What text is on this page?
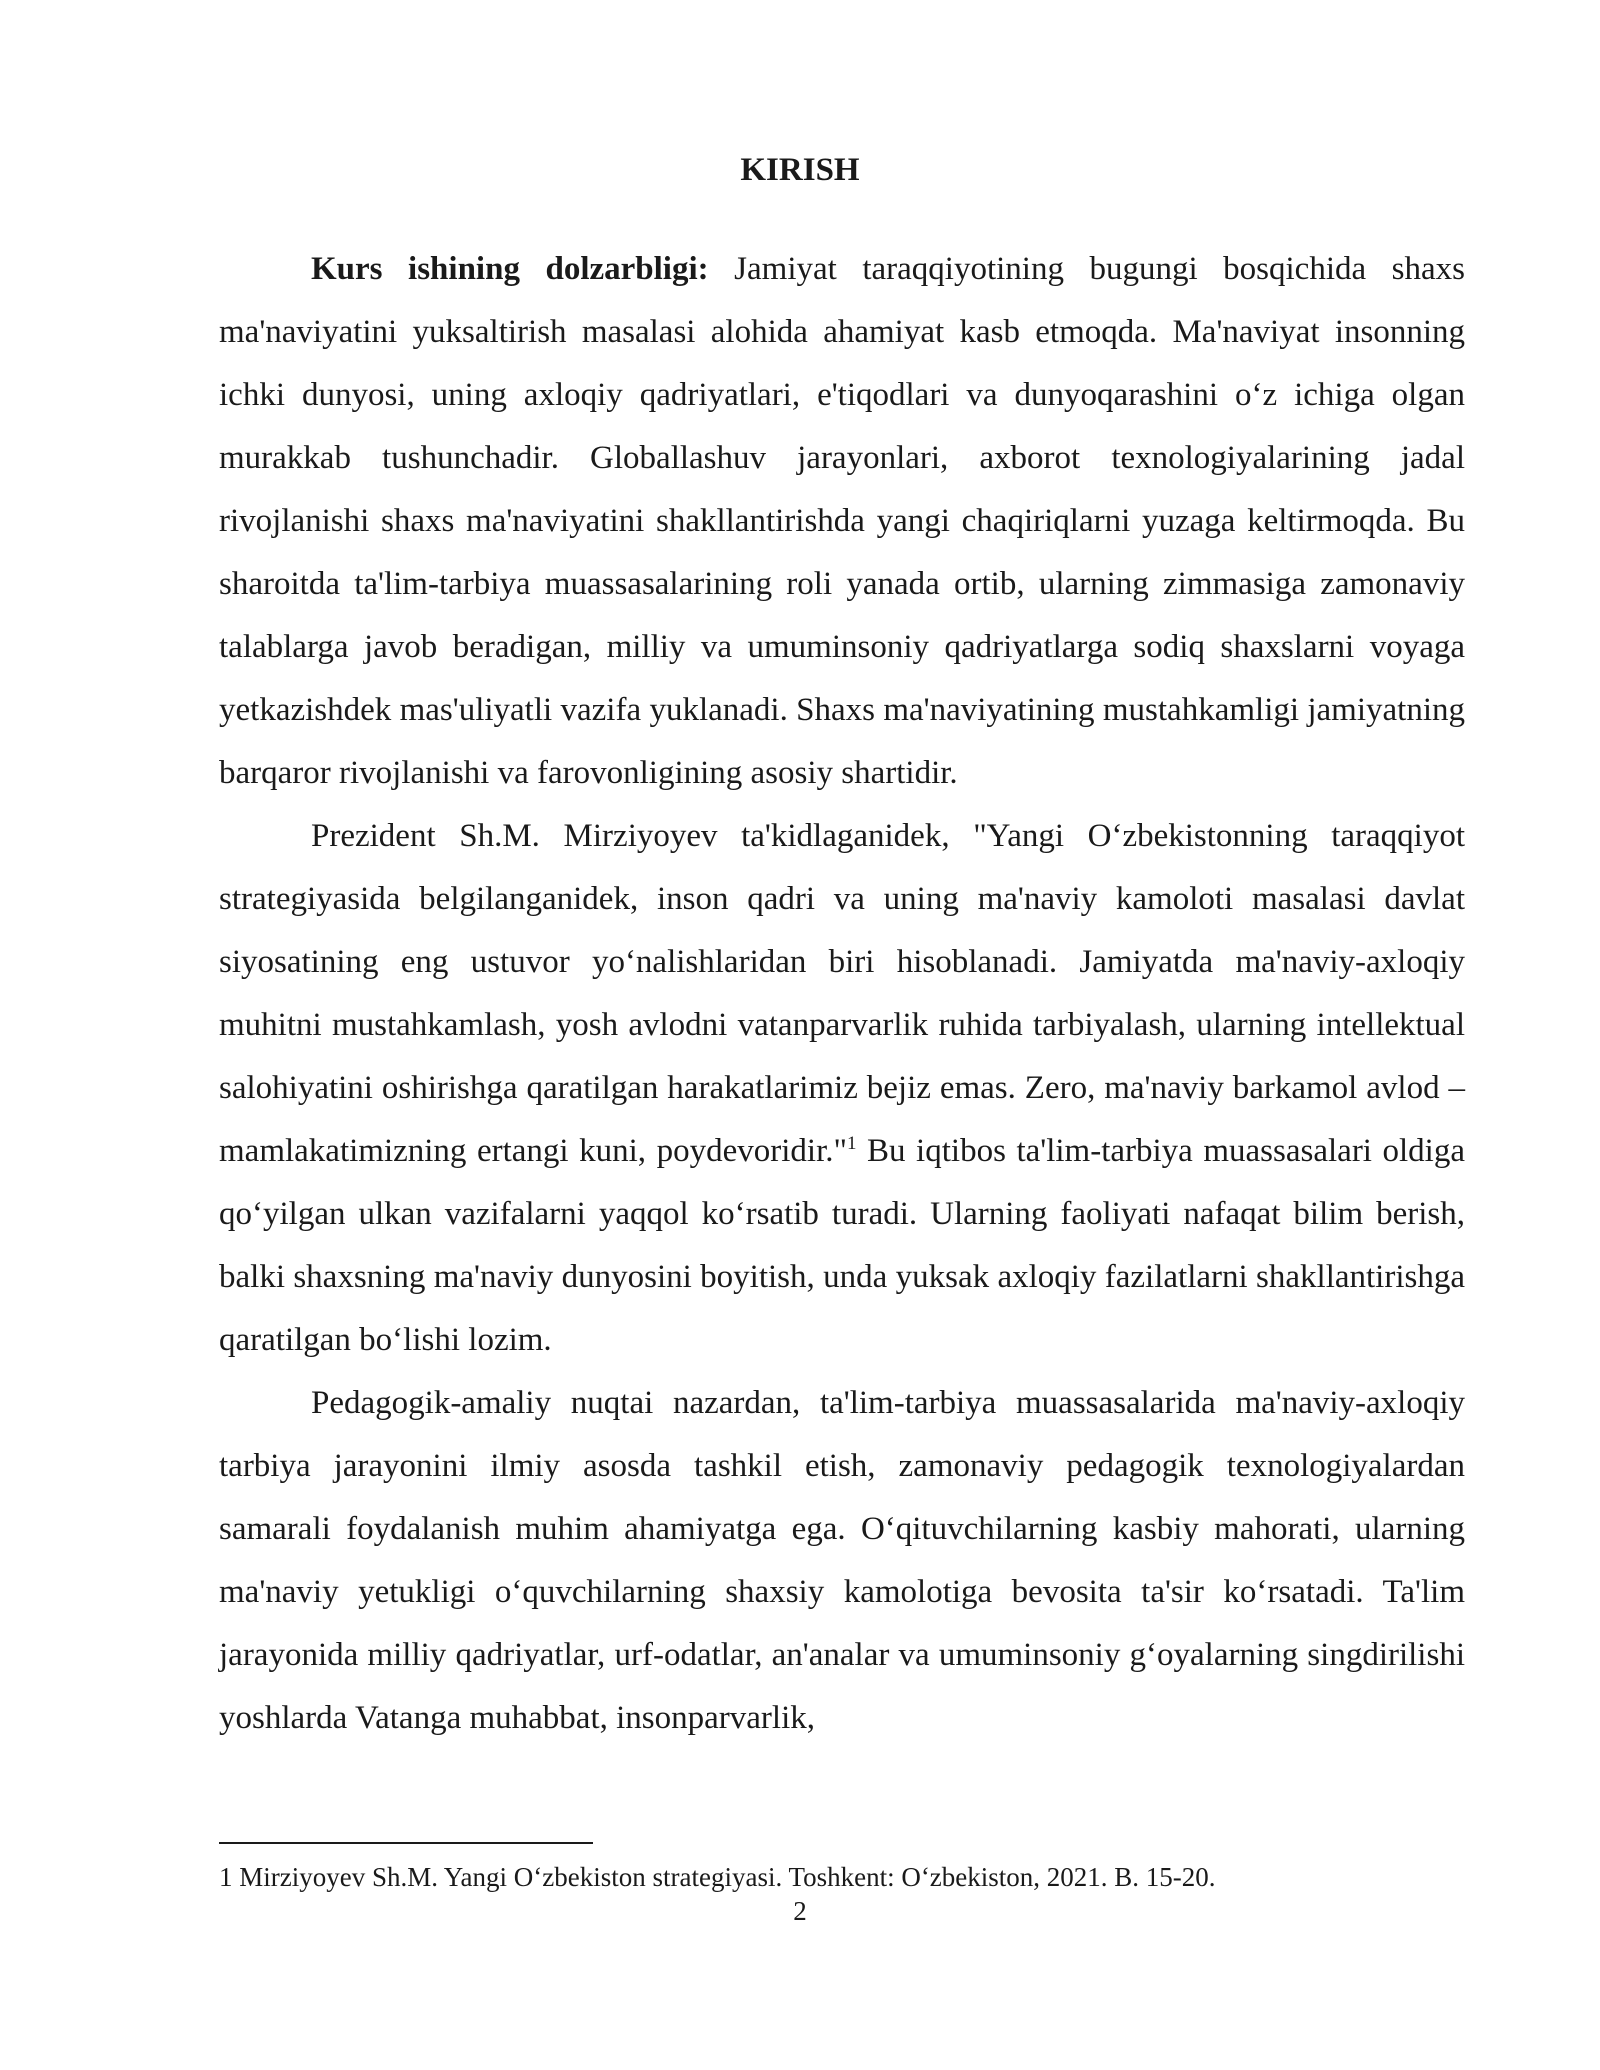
KIRISH

Kurs ishining dolzarbligi: Jamiyat taraqqiyotining bugungi bosqichida shaxs ma'naviyatini yuksaltirish masalasi alohida ahamiyat kasb etmoqda. Ma'naviyat insonning ichki dunyosi, uning axloqiy qadriyatlari, e'tiqodlari va dunyoqarashini oʻz ichiga olgan murakkab tushunchadir. Globallashuv jarayonlari, axborot texnologiyalarining jadal rivojlanishi shaxs ma'naviyatini shakllantirishda yangi chaqiriqlarni yuzaga keltirmoqda. Bu sharoitda ta'lim-tarbiya muassasalarining roli yanada ortib, ularning zimmasiga zamonaviy talablarga javob beradigan, milliy va umuminsoniy qadriyatlarga sodiq shaxslarni voyaga yetkazishdek mas'uliyatli vazifa yuklanadi. Shaxs ma'naviyatining mustahkamligi jamiyatning barqaror rivojlanishi va farovonligining asosiy shartidir.

Prezident Sh.M. Mirziyoyev ta'kidlaganidek, "Yangi Oʻzbekistonning taraqqiyot strategiyasida belgilanganidek, inson qadri va uning ma'naviy kamoloti masalasi davlat siyosatining eng ustuvor yoʻnalishlaridan biri hisoblanadi. Jamiyatda ma'naviy-axloqiy muhitni mustahkamlash, yosh avlodni vatanparvarlik ruhida tarbiyalash, ularning intellektual salohiyatini oshirishga qaratilgan harakatlarimiz bejiz emas. Zero, ma'naviy barkamol avlod – mamlakatimizning ertangi kuni, poydevoridir."$^1$ Bu iqtibos ta'lim-tarbiya muassasalari oldiga qoʻyilgan ulkan vazifalarni yaqqol koʻrsatib turadi. Ularning faoliyati nafaqat bilim berish, balki shaxsning ma'naviy dunyosini boyitish, unda yuksak axloqiy fazilatlarni shakllantirishga qaratilgan boʻlishi lozim.

Pedagogik-amaliy nuqtai nazardan, ta'lim-tarbiya muassasalarida ma'naviy-axloqiy tarbiya jarayonini ilmiy asosda tashkil etish, zamonaviy pedagogik texnologiyalardan samarali foydalanish muhim ahamiyatga ega. Oʻqituvchilarning kasbiy mahorati, ularning ma'naviy yetukligi oʻquvchilarning shaxsiy kamolotiga bevosita ta'sir koʻrsatadi. Ta'lim jarayonida milliy qadriyatlar, urf-odatlar, an'analar va umuminsoniy gʻoyalarning singdirilishi yoshlarda Vatanga muhabbat, insonparvarlik,

1 Mirziyoyev Sh.M. Yangi Oʻzbekiston strategiyasi. Toshkent: Oʻzbekiston, 2021. B. 15-20.

2
